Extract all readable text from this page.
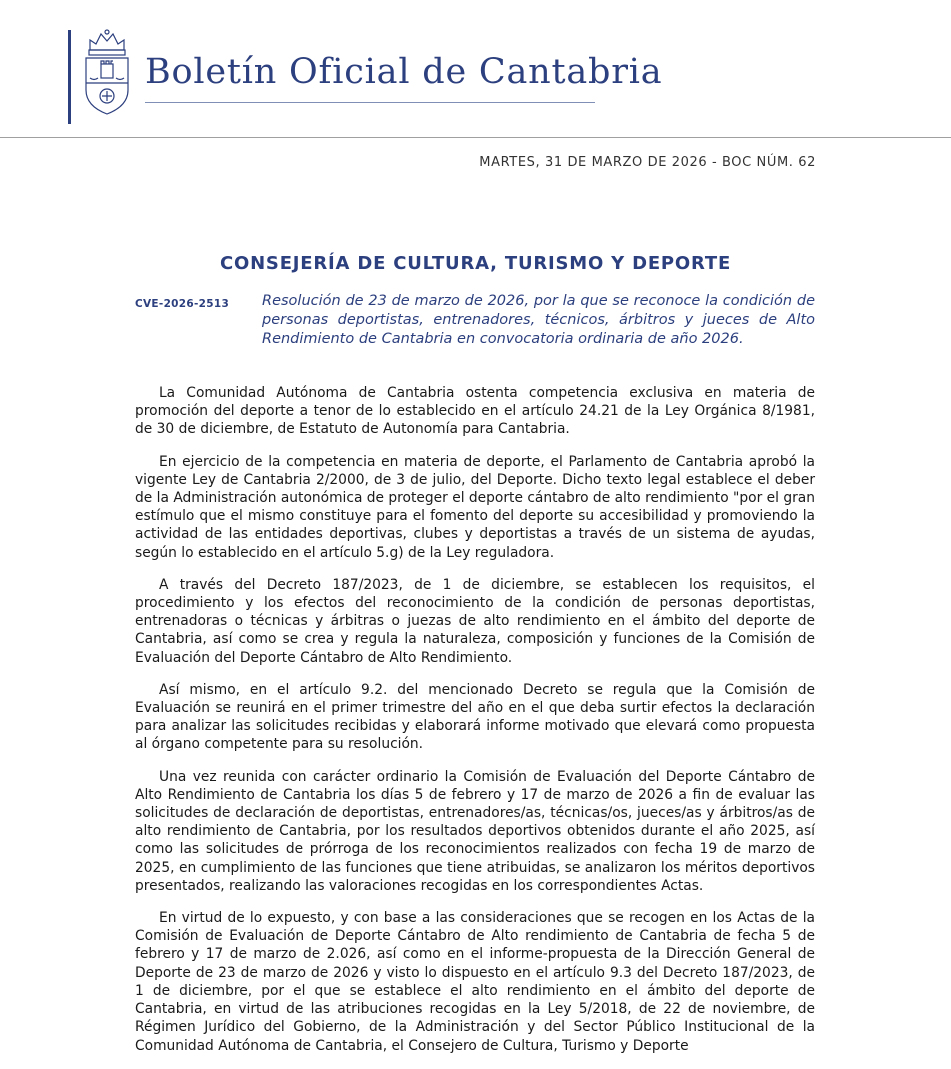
Boletín Oficial de Cantabria
MARTES, 31 DE MARZO DE 2026 - BOC NÚM. 62
CONSEJERÍA DE CULTURA, TURISMO Y DEPORTE
CVE-2026-2513 Resolución de 23 de marzo de 2026, por la que se reconoce la condición de personas deportistas, entrenadores, técnicos, árbitros y jueces de Alto Rendimiento de Cantabria en convocatoria ordinaria de año 2026.

La Comunidad Autónoma de Cantabria ostenta competencia exclusiva en materia de promoción del deporte a tenor de lo establecido en el artículo 24.21 de la Ley Orgánica 8/1981, de 30 de diciembre, de Estatuto de Autonomía para Cantabria.

En ejercicio de la competencia en materia de deporte, el Parlamento de Cantabria aprobó la vigente Ley de Cantabria 2/2000, de 3 de julio, del Deporte. Dicho texto legal establece el deber de la Administración autonómica de proteger el deporte cántabro de alto rendimiento "por el gran estímulo que el mismo constituye para el fomento del deporte su accesibilidad y promoviendo la actividad de las entidades deportivas, clubes y deportistas a través de un sistema de ayudas, según lo establecido en el artículo 5.g) de la Ley reguladora.

A través del Decreto 187/2023, de 1 de diciembre, se establecen los requisitos, el procedimiento y los efectos del reconocimiento de la condición de personas deportistas, entrenadoras o técnicas y árbitras o juezas de alto rendimiento en el ámbito del deporte de Cantabria, así como se crea y regula la naturaleza, composición y funciones de la Comisión de Evaluación del Deporte Cántabro de Alto Rendimiento.

Así mismo, en el artículo 9.2. del mencionado Decreto se regula que la Comisión de Evaluación se reunirá en el primer trimestre del año en el que deba surtir efectos la declaración para analizar las solicitudes recibidas y elaborará informe motivado que elevará como propuesta al órgano competente para su resolución.

Una vez reunida con carácter ordinario la Comisión de Evaluación del Deporte Cántabro de Alto Rendimiento de Cantabria los días 5 de febrero y 17 de marzo de 2026 a fin de evaluar las solicitudes de declaración de deportistas, entrenadores/as, técnicas/os, jueces/as y árbitros/as de alto rendimiento de Cantabria, por los resultados deportivos obtenidos durante el año 2025, así como las solicitudes de prórroga de los reconocimientos realizados con fecha 19 de marzo de 2025, en cumplimiento de las funciones que tiene atribuidas, se analizaron los méritos deportivos presentados, realizando las valoraciones recogidas en los correspondientes Actas.

En virtud de lo expuesto, y con base a las consideraciones que se recogen en los Actas de la Comisión de Evaluación de Deporte Cántabro de Alto rendimiento de Cantabria de fecha 5 de febrero y 17 de marzo de 2.026, así como en el informe-propuesta de la Dirección General de Deporte de 23 de marzo de 2026 y visto lo dispuesto en el artículo 9.3 del Decreto 187/2023, de 1 de diciembre, por el que se establece el alto rendimiento en el ámbito del deporte de Cantabria, en virtud de las atribuciones recogidas en la Ley 5/2018, de 22 de noviembre, de Régimen Jurídico del Gobierno, de la Administración y del Sector Público Institucional de la Comunidad Autónoma de Cantabria, el Consejero de Cultura, Turismo y Deporte
